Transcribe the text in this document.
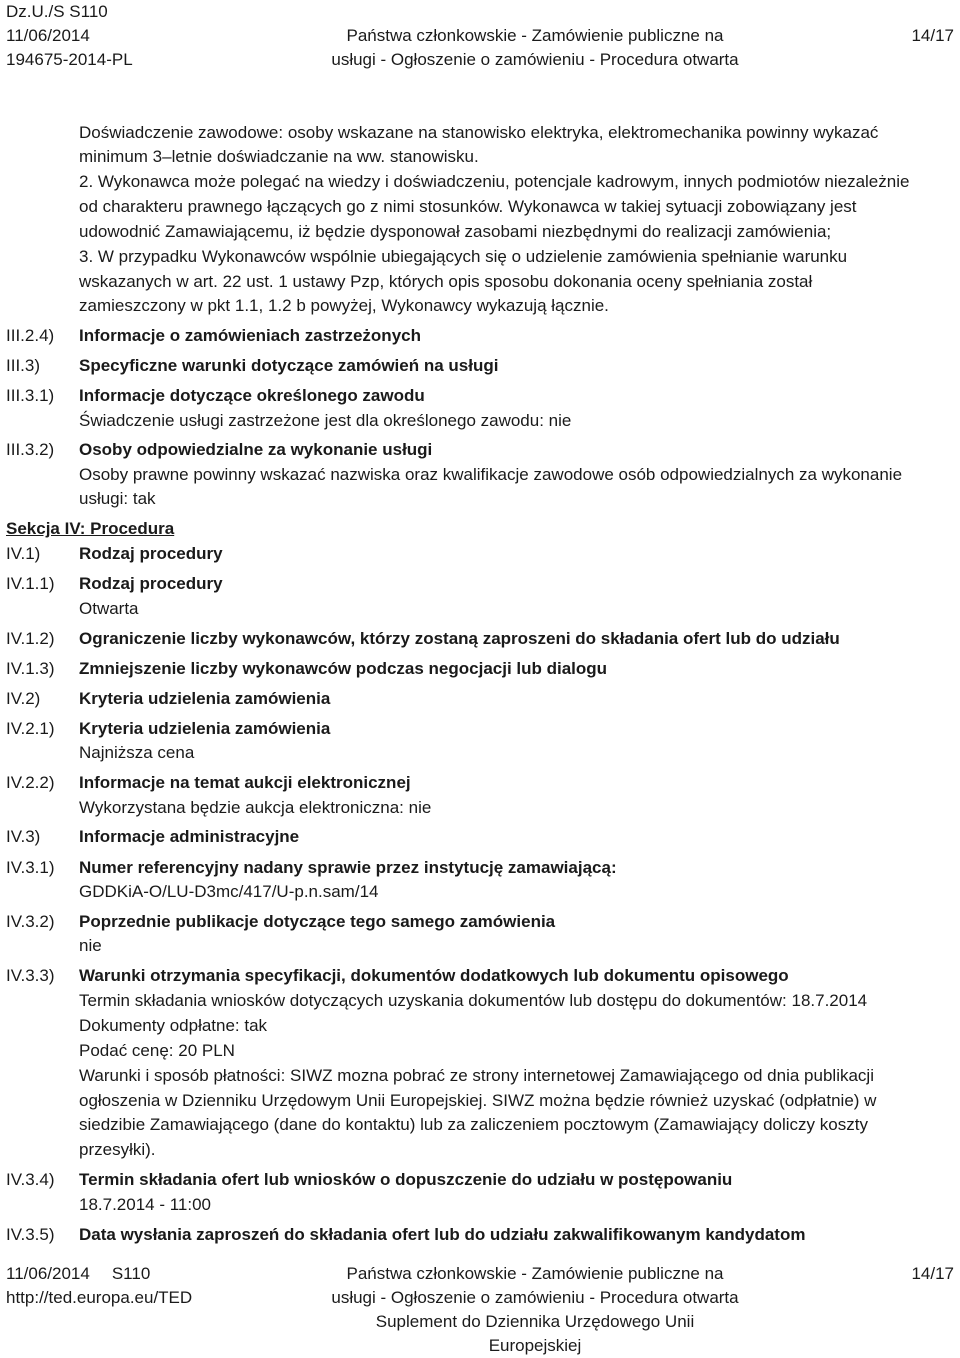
Dz.U./S S110
11/06/2014
194675-2014-PL
Państwa członkowskie - Zamówienie publiczne na
usługi - Ogłoszenie o zamówieniu - Procedura otwarta
14/17
Doświadczenie zawodowe: osoby wskazane na stanowisko elektryka, elektromechanika powinny wykazać
minimum 3–letnie doświadczanie na ww. stanowisku.
2. Wykonawca może polegać na wiedzy i doświadczeniu, potencjale kadrowym, innych podmiotów niezależnie
od charakteru prawnego łączących go z nimi stosunków. Wykonawca w takiej sytuacji zobowiązany jest
udowodnić Zamawiającemu, iż będzie dysponował zasobami niezbędnymi do realizacji zamówienia;
3. W przypadku Wykonawców wspólnie ubiegających się o udzielenie zamówienia spełnianie warunku
wskazanych w art. 22 ust. 1 ustawy Pzp, których opis sposobu dokonania oceny spełniania został
zamieszczony w pkt 1.1, 1.2 b powyżej, Wykonawcy wykazują łącznie.
III.2.4) Informacje o zamówieniach zastrzeżonych
III.3) Specyficzne warunki dotyczące zamówień na usługi
III.3.1) Informacje dotyczące określonego zawodu
Świadczenie usługi zastrzeżone jest dla określonego zawodu: nie
III.3.2) Osoby odpowiedzialne za wykonanie usługi
Osoby prawne powinny wskazać nazwiska oraz kwalifikacje zawodowe osób odpowiedzialnych za wykonanie
usługi: tak
Sekcja IV: Procedura
IV.1) Rodzaj procedury
IV.1.1) Rodzaj procedury
Otwarta
IV.1.2) Ograniczenie liczby wykonawców, którzy zostaną zaproszeni do składania ofert lub do udziału
IV.1.3) Zmniejszenie liczby wykonawców podczas negocjacji lub dialogu
IV.2) Kryteria udzielenia zamówienia
IV.2.1) Kryteria udzielenia zamówienia
Najniższa cena
IV.2.2) Informacje na temat aukcji elektronicznej
Wykorzystana będzie aukcja elektroniczna: nie
IV.3) Informacje administracyjne
IV.3.1) Numer referencyjny nadany sprawie przez instytucję zamawiającą:
GDDKiA-O/LU-D3mc/417/U-p.n.sam/14
IV.3.2) Poprzednie publikacje dotyczące tego samego zamówienia
nie
IV.3.3) Warunki otrzymania specyfikacji, dokumentów dodatkowych lub dokumentu opisowego
Termin składania wniosków dotyczących uzyskania dokumentów lub dostępu do dokumentów: 18.7.2014
Dokumenty odpłatne: tak
Podać cenę: 20 PLN
Warunki i sposób płatności: SIWZ mozna pobrać ze strony internetowej Zamawiającego od dnia publikacji
ogłoszenia w Dzienniku Urzędowym Unii Europejskiej. SIWZ można będzie również uzyskać (odpłatnie) w
siedzibie Zamawiającego (dane do kontaktu) lub za zaliczeniem pocztowym (Zamawiający doliczy koszty
przesyłki).
IV.3.4) Termin składania ofert lub wniosków o dopuszczenie do udziału w postępowaniu
18.7.2014 - 11:00
IV.3.5) Data wysłania zaproszeń do składania ofert lub do udziału zakwalifikowanym kandydatom
11/06/2014 S110
http://ted.europa.eu/TED
Państwa członkowskie - Zamówienie publiczne na
usługi - Ogłoszenie o zamówieniu - Procedura otwarta
Suplement do Dziennika Urzędowego Unii Europejskiej
14/17
